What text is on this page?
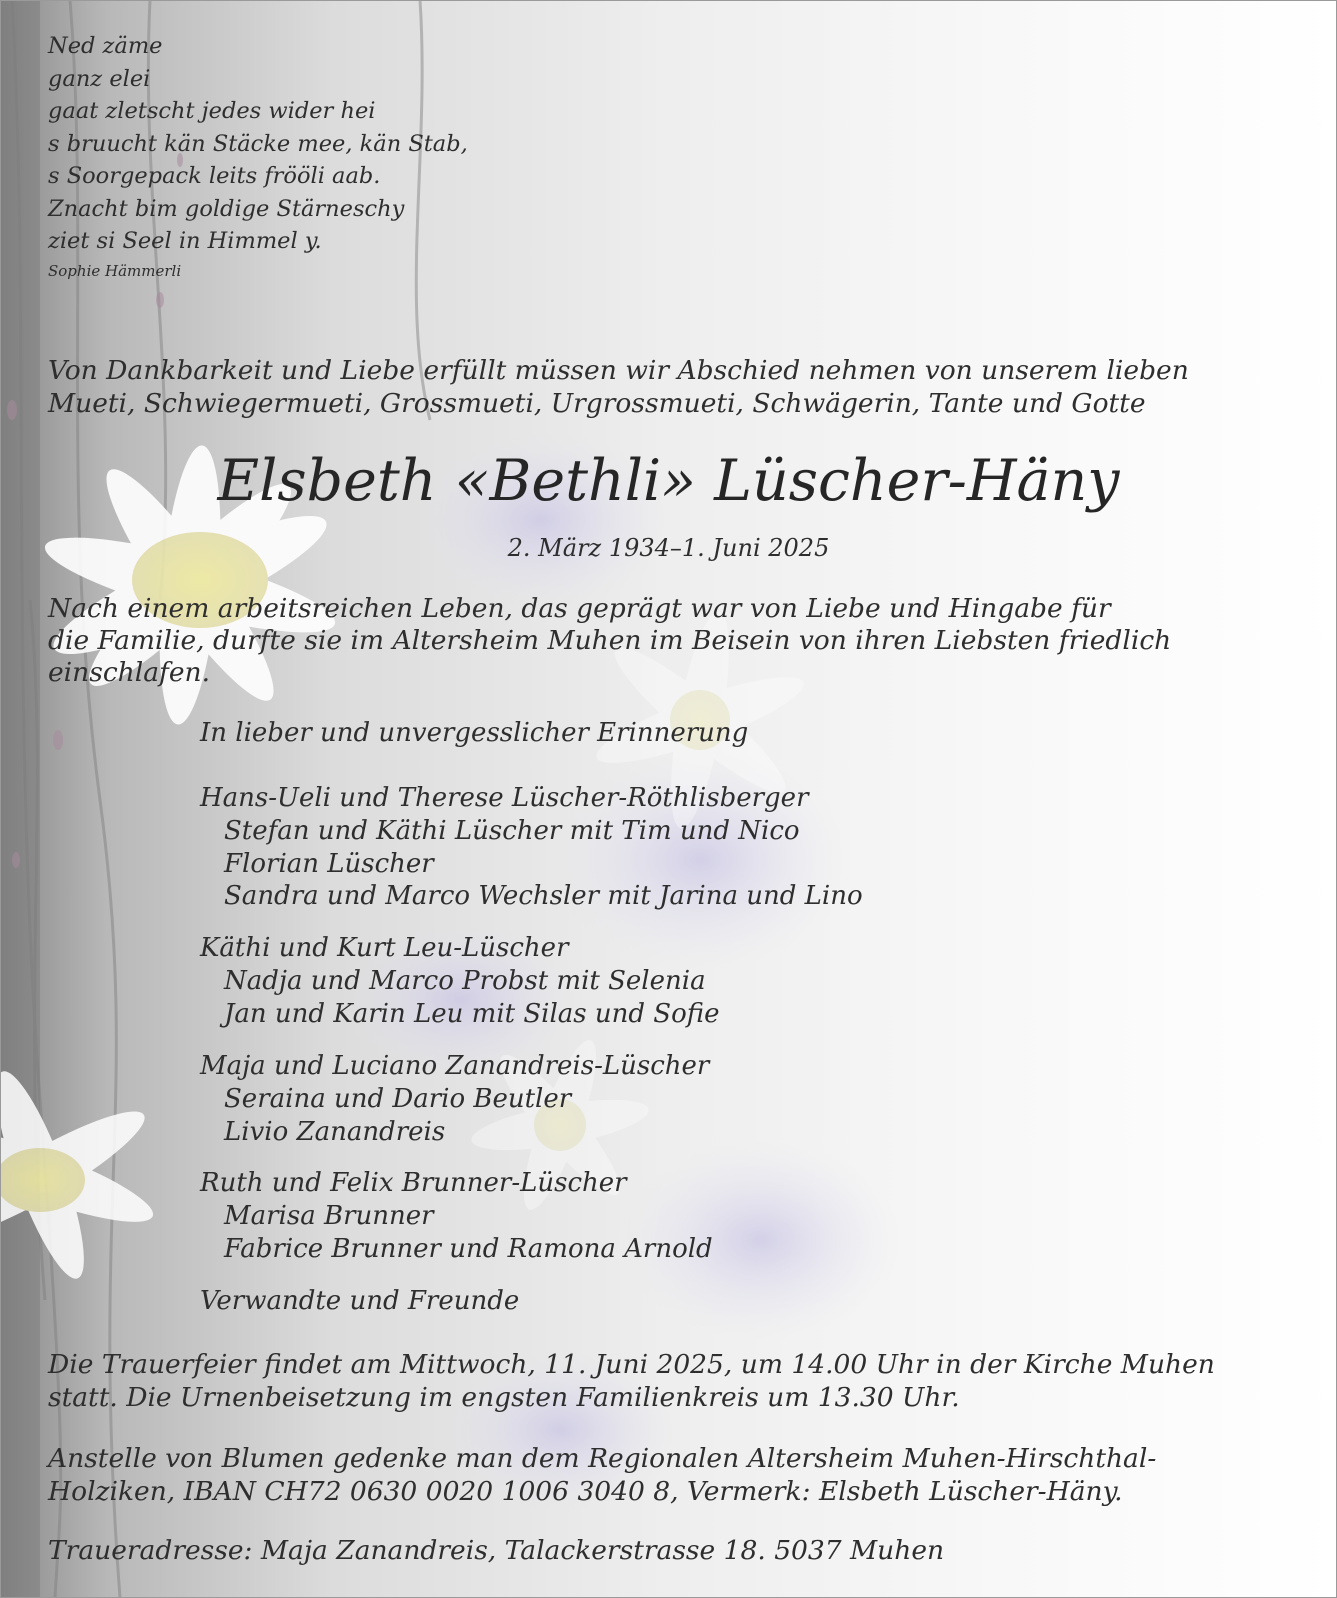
Ned zäme
ganz elei
gaat zletscht jedes wider hei
s bruucht kän Stäcke mee, kän Stab,
s Soorgepack leits frööli aab.
Znacht bim goldige Stärneschy
ziet si Seel in Himmel y.
Sophie Hämmerli
Von Dankbarkeit und Liebe erfüllt müssen wir Abschied nehmen von unserem lieben
Mueti, Schwiegermueti, Grossmueti, Urgrossmueti, Schwägerin, Tante und Gotte
Elsbeth «Bethli» Lüscher-Häny
2. März 1934–1. Juni 2025
Nach einem arbeitsreichen Leben, das geprägt war von Liebe und Hingabe für
die Familie, durfte sie im Altersheim Muhen im Beisein von ihren Liebsten friedlich
einschlafen.
In lieber und unvergesslicher Erinnerung
Hans-Ueli und Therese Lüscher-Röthlisberger
Stefan und Käthi Lüscher mit Tim und Nico
Florian Lüscher
Sandra und Marco Wechsler mit Jarina und Lino
Käthi und Kurt Leu-Lüscher
Nadja und Marco Probst mit Selenia
Jan und Karin Leu mit Silas und Sofie
Maja und Luciano Zanandreis-Lüscher
Seraina und Dario Beutler
Livio Zanandreis
Ruth und Felix Brunner-Lüscher
Marisa Brunner
Fabrice Brunner und Ramona Arnold
Verwandte und Freunde
Die Trauerfeier findet am Mittwoch, 11. Juni 2025, um 14.00 Uhr in der Kirche Muhen
statt. Die Urnenbeisetzung im engsten Familienkreis um 13.30 Uhr.
Anstelle von Blumen gedenke man dem Regionalen Altersheim Muhen-Hirschthal-
Holziken, IBAN CH72 0630 0020 1006 3040 8, Vermerk: Elsbeth Lüscher-Häny.
Traueradresse: Maja Zanandreis, Talackerstrasse 18. 5037 Muhen
